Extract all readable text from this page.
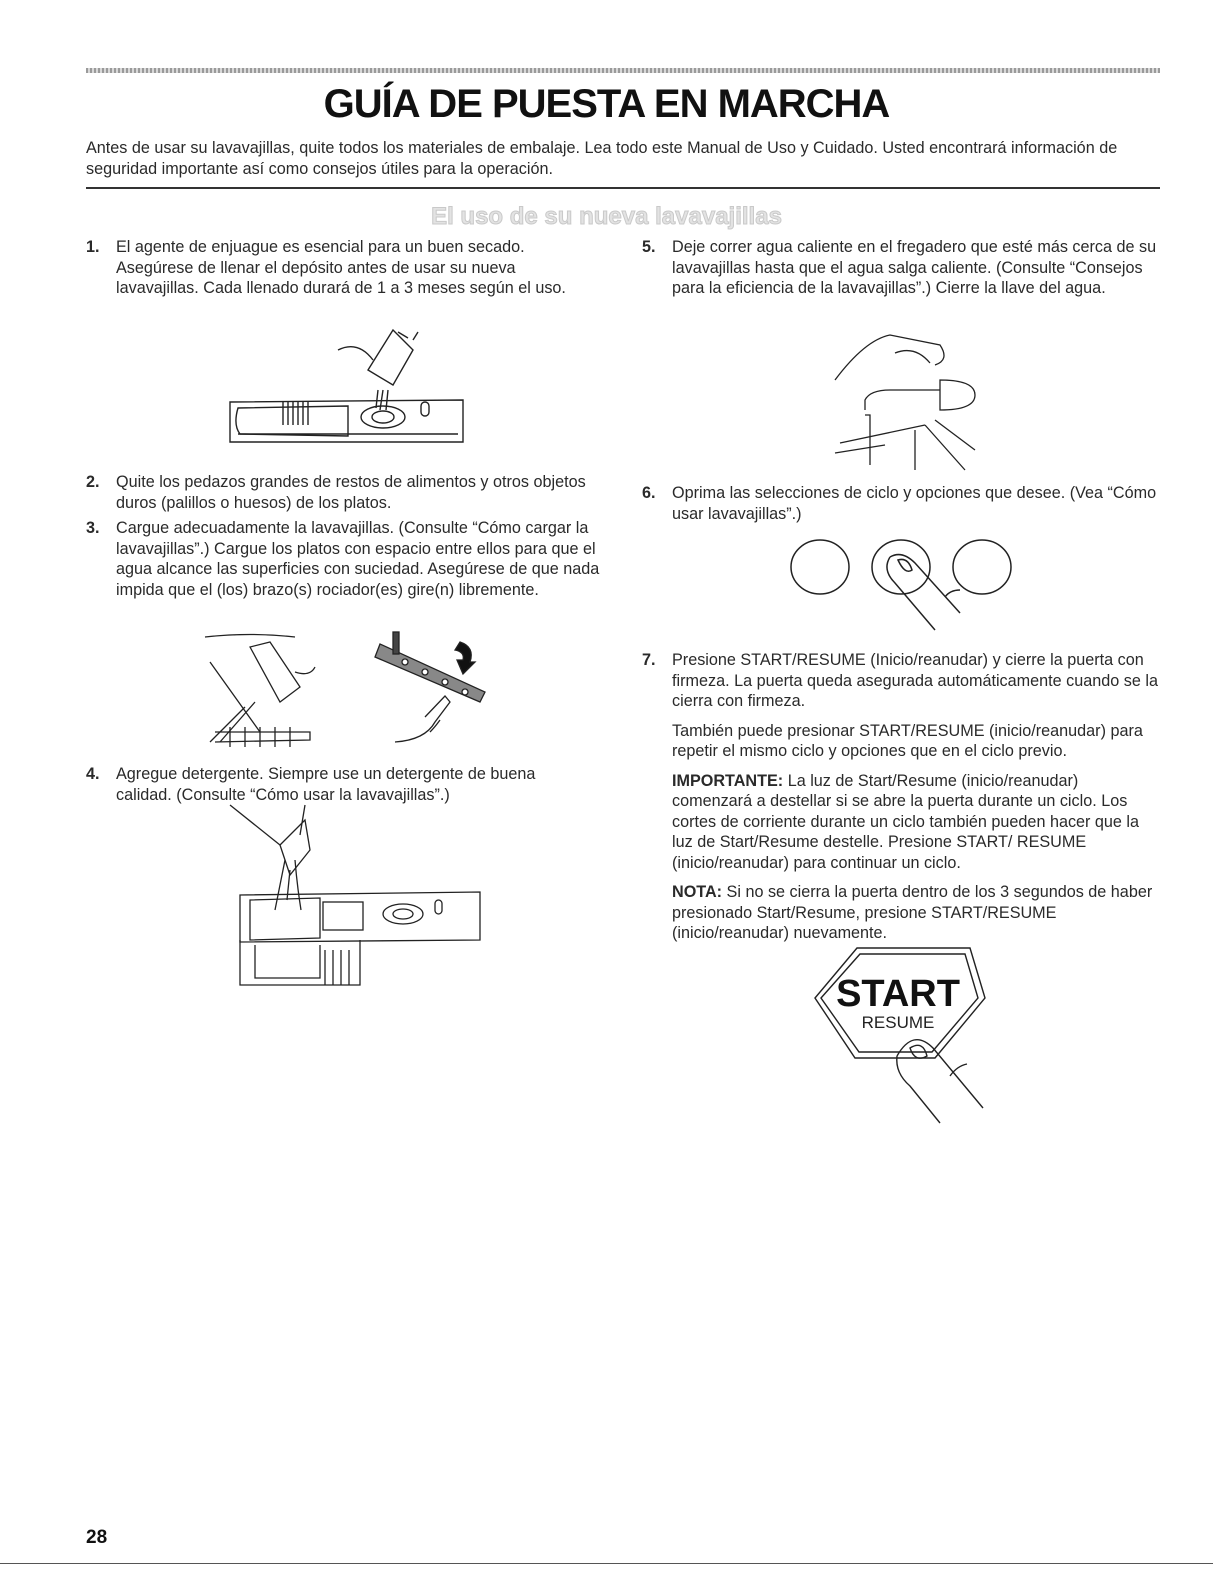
GUÍA DE PUESTA EN MARCHA

Antes de usar su lavavajillas, quite todos los materiales de embalaje. Lea todo este Manual de Uso y Cuidado. Usted encontrará información de seguridad importante así como consejos útiles para la operación.

El uso de su nueva lavavajillas
1. El agente de enjuague es esencial para un buen secado. Asegúrese de llenar el depósito antes de usar su nueva lavavajillas. Cada llenado durará de 1 a 3 meses según el uso.

2. Quite los pedazos grandes de restos de alimentos y otros objetos duros (palillos o huesos) de los platos.

3. Cargue adecuadamente la lavavajillas. (Consulte “Cómo cargar la lavavajillas”.) Cargue los platos con espacio entre ellos para que el agua alcance las superficies con suciedad. Asegúrese de que nada impida que el (los) brazo(s) rociador(es) gire(n) libremente.

4. Agregue detergente. Siempre use un detergente de buena calidad. (Consulte “Cómo usar la lavavajillas”.)

5. Deje correr agua caliente en el fregadero que esté más cerca de su lavavajillas hasta que el agua salga caliente. (Consulte “Consejos para la eficiencia de la lavavajillas”.) Cierre la llave del agua.

6. Oprima las selecciones de ciclo y opciones que desee. (Vea “Cómo usar lavavajillas”.)

7. Presione START/RESUME (Inicio/reanudar) y cierre la puerta con firmeza. La puerta queda asegurada automáticamente cuando se la cierra con firmeza.

También puede presionar START/RESUME (inicio/reanudar) para repetir el mismo ciclo y opciones que en el ciclo previo.

IMPORTANTE: La luz de Start/Resume (inicio/reanudar) comenzará a destellar si se abre la puerta durante un ciclo. Los cortes de corriente durante un ciclo también pueden hacer que la luz de Start/Resume destelle. Presione START/ RESUME (inicio/reanudar) para continuar un ciclo.

NOTA: Si no se cierra la puerta dentro de los 3 segundos de haber presionado Start/Resume, presione START/RESUME (inicio/reanudar) nuevamente.

START
RESUME
28
